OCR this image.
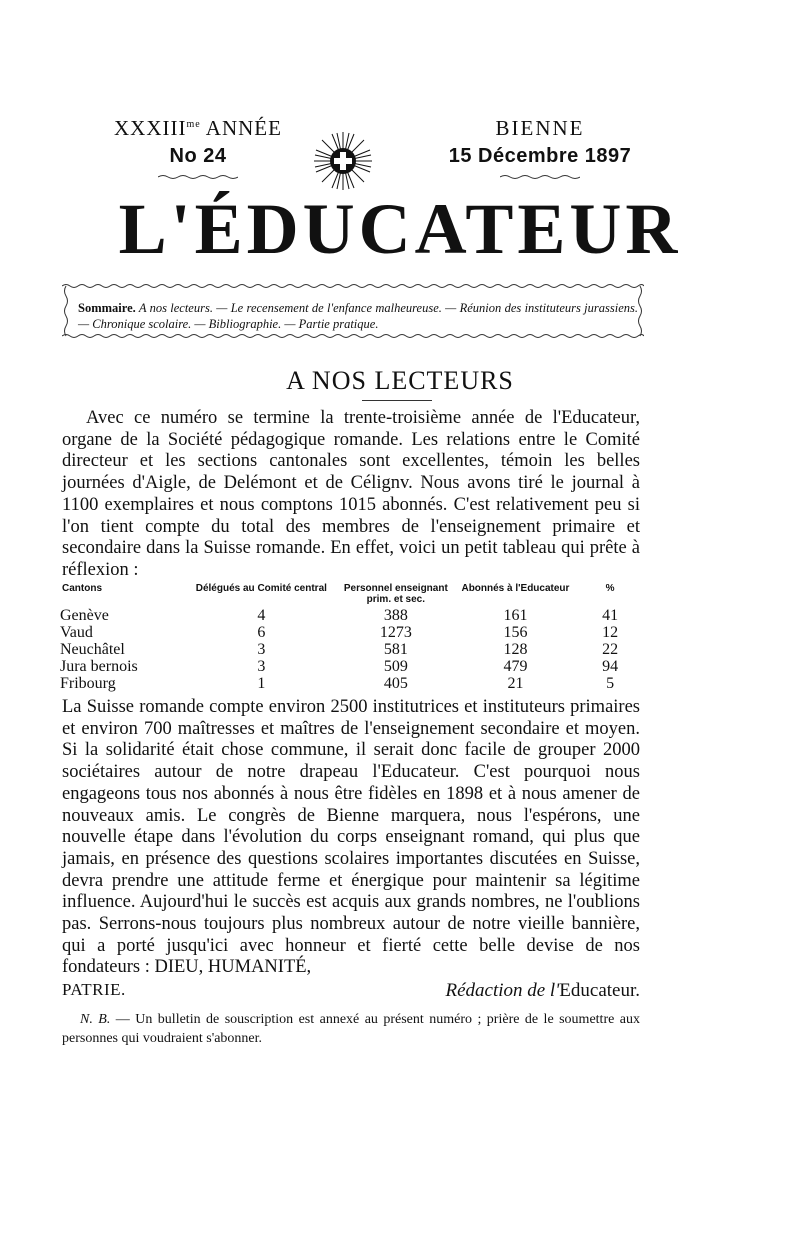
$XXXIII^{me}$ ANNÉE
No 24
BIENNE
15 Décembre 1897
L'ÉDUCATEUR
Sommaire. A nos lecteurs. — Le recensement de l'enfance malheureuse. — Réunion des instituteurs jurassiens. — Chronique scolaire. — Bibliographie. — Partie pratique.
A NOS LECTEURS
Avec ce numéro se termine la trente-troisième année de l'Educateur, organe de la Société pédagogique romande. Les relations entre le Comité directeur et les sections cantonales sont excellentes, témoin les belles journées d'Aigle, de Delémont et de Célignv. Nous avons tiré le journal à 1100 exemplaires et nous comptons 1015 abonnés. C'est relativement peu si l'on tient compte du total des membres de l'enseignement primaire et secondaire dans la Suisse romande. En effet, voici un petit tableau qui prête à réflexion :
Cantons	Délégués au Comité central	Personnel enseignant prim. et sec.	Abonnés à l'Educateur	%
Genève	4	388	161	41
Vaud	6	1273	156	12
Neuchâtel	3	581	128	22
Jura bernois	3	509	479	94
Fribourg	1	405	21	5
La Suisse romande compte environ 2500 institutrices et instituteurs primaires et environ 700 maîtresses et maîtres de l'enseignement secondaire et moyen. Si la solidarité était chose commune, il serait donc facile de grouper 2000 sociétaires autour de notre drapeau l'Educateur. C'est pourquoi nous engageons tous nos abonnés à nous être fidèles en 1898 et à nous amener de nouveaux amis. Le congrès de Bienne marquera, nous l'espérons, une nouvelle étape dans l'évolution du corps enseignant romand, qui plus que jamais, en présence des questions scolaires importantes discutées en Suisse, devra prendre une attitude ferme et énergique pour maintenir sa légitime influence. Aujourd'hui le succès est acquis aux grands nombres, ne l'oublions pas. Serrons-nous toujours plus nombreux autour de notre vieille bannière, qui a porté jusqu'ici avec honneur et fierté cette belle devise de nos fondateurs : DIEU, HUMANITÉ,
PATRIE.	Rédaction de l'Educateur.
N. B. — Un bulletin de souscription est annexé au présent numéro ; prière de le soumettre aux personnes qui voudraient s'abonner.
